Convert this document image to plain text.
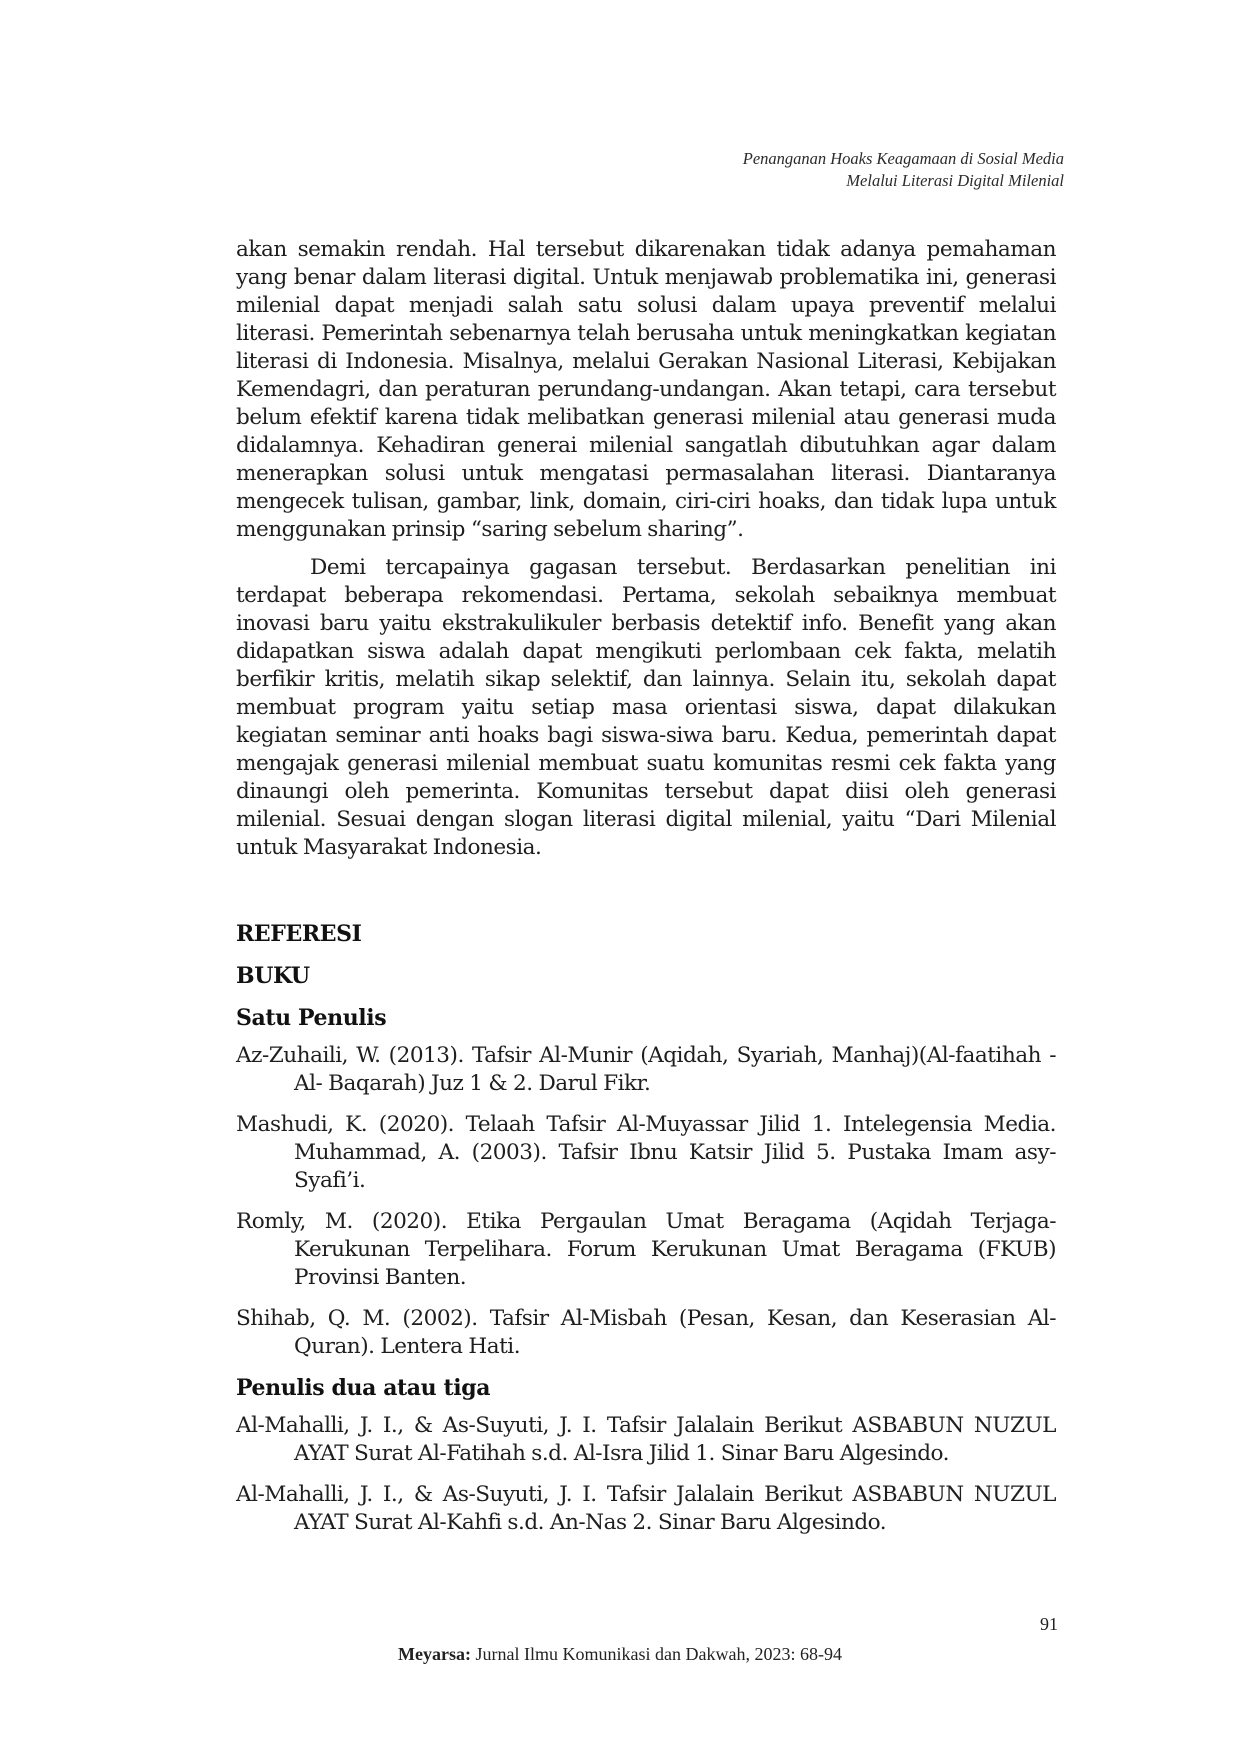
Penanganan Hoaks Keagamaan di Sosial Media
Melalui Literasi Digital Milenial

akan semakin rendah. Hal tersebut dikarenakan tidak adanya pemahaman yang benar dalam literasi digital. Untuk menjawab problematika ini, generasi milenial dapat menjadi salah satu solusi dalam upaya preventif melalui literasi. Pemerintah sebenarnya telah berusaha untuk meningkatkan kegiatan literasi di Indonesia. Misalnya, melalui Gerakan Nasional Literasi, Kebijakan Kemendagri, dan peraturan perundang-undangan. Akan tetapi, cara tersebut belum efektif karena tidak melibatkan generasi milenial atau generasi muda didalamnya. Kehadiran generai milenial sangatlah dibutuhkan agar dalam menerapkan solusi untuk mengatasi permasalahan literasi. Diantaranya mengecek tulisan, gambar, link, domain, ciri-ciri hoaks, dan tidak lupa untuk menggunakan prinsip “saring sebelum sharing”.

Demi tercapainya gagasan tersebut. Berdasarkan penelitian ini terdapat beberapa rekomendasi. Pertama, sekolah sebaiknya membuat inovasi baru yaitu ekstrakulikuler berbasis detektif info. Benefit yang akan didapatkan siswa adalah dapat mengikuti perlombaan cek fakta, melatih berfikir kritis, melatih sikap selektif, dan lainnya. Selain itu, sekolah dapat membuat program yaitu setiap masa orientasi siswa, dapat dilakukan kegiatan seminar anti hoaks bagi siswa-siwa baru. Kedua, pemerintah dapat mengajak generasi milenial membuat suatu komunitas resmi cek fakta yang dinaungi oleh pemerinta. Komunitas tersebut dapat diisi oleh generasi milenial. Sesuai dengan slogan literasi digital milenial, yaitu “Dari Milenial untuk Masyarakat Indonesia.

REFERESI
BUKU
Satu Penulis
Az-Zuhaili, W. (2013). Tafsir Al-Munir (Aqidah, Syariah, Manhaj)(Al-faatihah - Al- Baqarah) Juz 1 & 2. Darul Fikr.
Mashudi, K. (2020). Telaah Tafsir Al-Muyassar Jilid 1. Intelegensia Media. Muhammad, A. (2003). Tafsir Ibnu Katsir Jilid 5. Pustaka Imam asy-Syafi’i.
Romly, M. (2020). Etika Pergaulan Umat Beragama (Aqidah Terjaga-Kerukunan Terpelihara. Forum Kerukunan Umat Beragama (FKUB) Provinsi Banten.
Shihab, Q. M. (2002). Tafsir Al-Misbah (Pesan, Kesan, dan Keserasian Al-Quran). Lentera Hati.
Penulis dua atau tiga
Al-Mahalli, J. I., & As-Suyuti, J. I. Tafsir Jalalain Berikut ASBABUN NUZUL AYAT Surat Al-Fatihah s.d. Al-Isra Jilid 1. Sinar Baru Algesindo.
Al-Mahalli, J. I., & As-Suyuti, J. I. Tafsir Jalalain Berikut ASBABUN NUZUL AYAT Surat Al-Kahfi s.d. An-Nas 2. Sinar Baru Algesindo.
91
Meyarsa: Jurnal Ilmu Komunikasi dan Dakwah, 2023: 68-94
